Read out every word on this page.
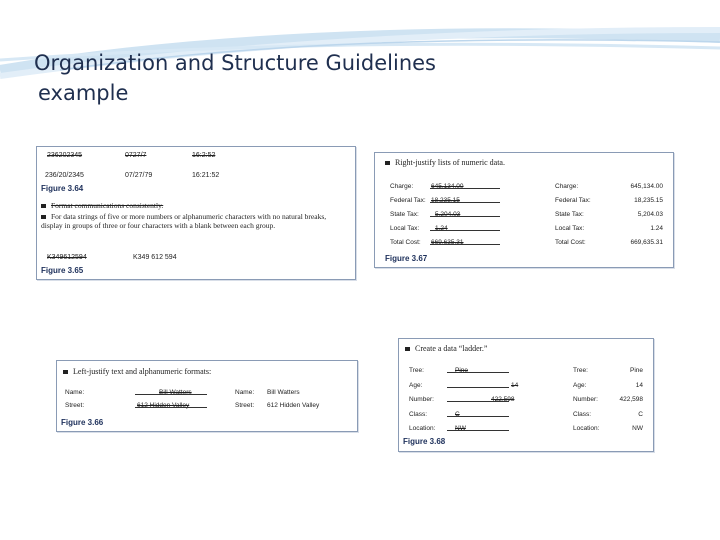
Organization and Structure Guidelines
example
236202345	0727/7	16:2:52
236/20/2345	07/27/79	16:21:52
Figure 3.64
Format communications consistently.
For data strings of five or more numbers or alphanumeric characters with no natural breaks, display in groups of three or four characters with a blank between each group.
K349612594	K349 612 594
Figure 3.65
Right-justify lists of numeric data.
Figure 3.67
Charge:	645,134.00
Federal Tax: 18,235.15
State Tax: 5,204.03
Local Tax: 1.24
Total Cost: 669,635.31
Charge:	645,134.00
Federal Tax:	18,235.15
State Tax:	5,204.03
Local Tax:	1.24
Total Cost:	669,635.31
Left-justify text and alphanumeric formats:
Figure 3.66
Name:	Bill Watters
Street:	612 Hidden Valley
Name: Bill Watters
Street: 612 Hidden Valley
Create a data “ladder.”
Figure 3.68
Tree:	Pine
Age:	14
Number:	422,598
Class:	C
Location:	NW
Tree:	Pine
Age:	14
Number:	422,598
Class:	C
Location:	NW
